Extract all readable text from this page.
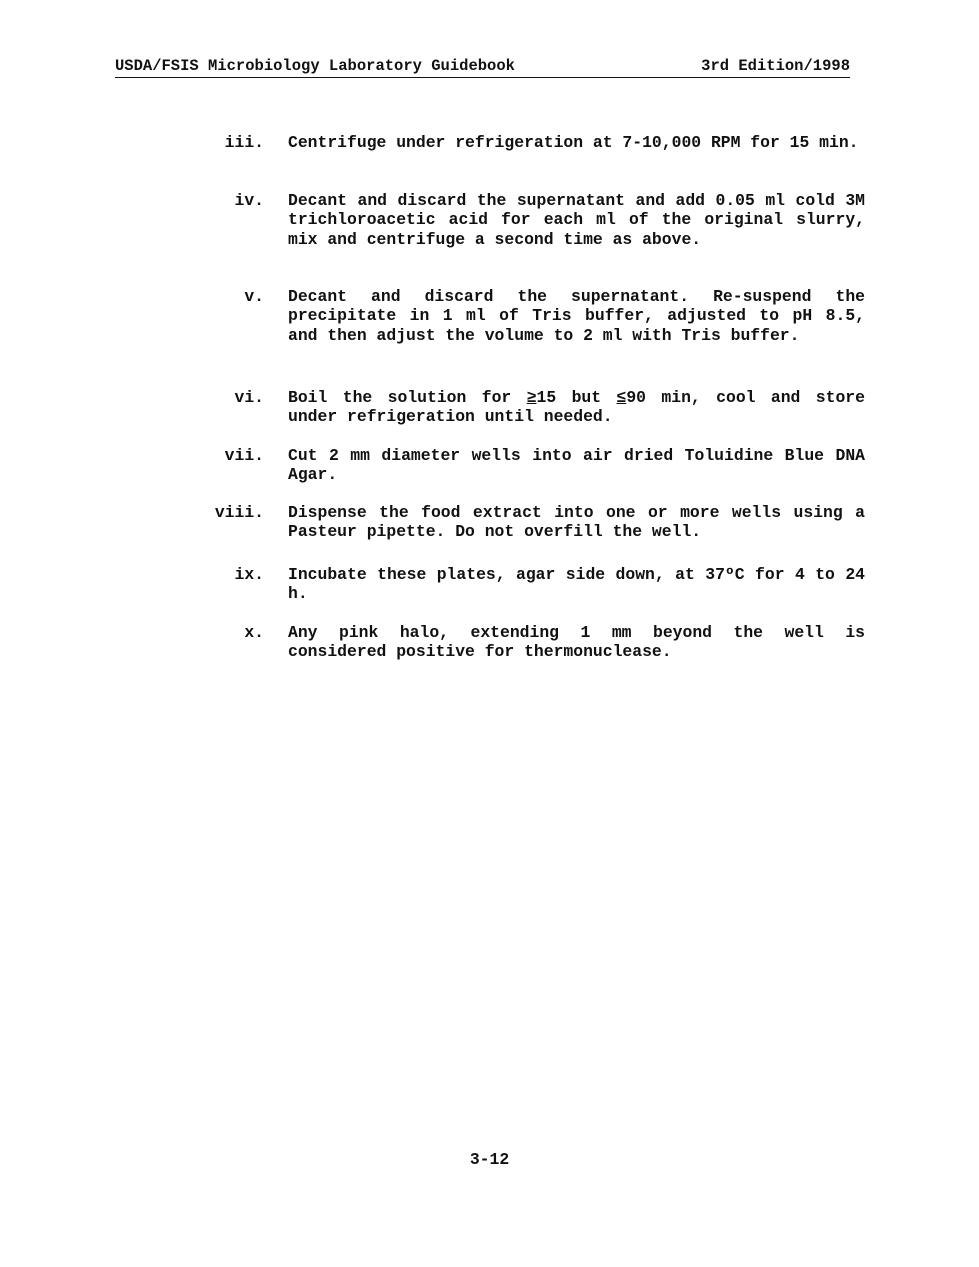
USDA/FSIS Microbiology Laboratory Guidebook	3rd Edition/1998
iii. Centrifuge under refrigeration at 7-10,000 RPM for 15 min.
iv. Decant and discard the supernatant and add 0.05 ml cold 3M trichloroacetic acid for each ml of the original slurry, mix and centrifuge a second time as above.
v. Decant and discard the supernatant. Re-suspend the precipitate in 1 ml of Tris buffer, adjusted to pH 8.5, and then adjust the volume to 2 ml with Tris buffer.
vi. Boil the solution for ≥15 but ≤90 min, cool and store under refrigeration until needed.
vii. Cut 2 mm diameter wells into air dried Toluidine Blue DNA Agar.
viii. Dispense the food extract into one or more wells using a Pasteur pipette. Do not overfill the well.
ix. Incubate these plates, agar side down, at 37ºC for 4 to 24 h.
x. Any pink halo, extending 1 mm beyond the well is considered positive for thermonuclease.
3-12
